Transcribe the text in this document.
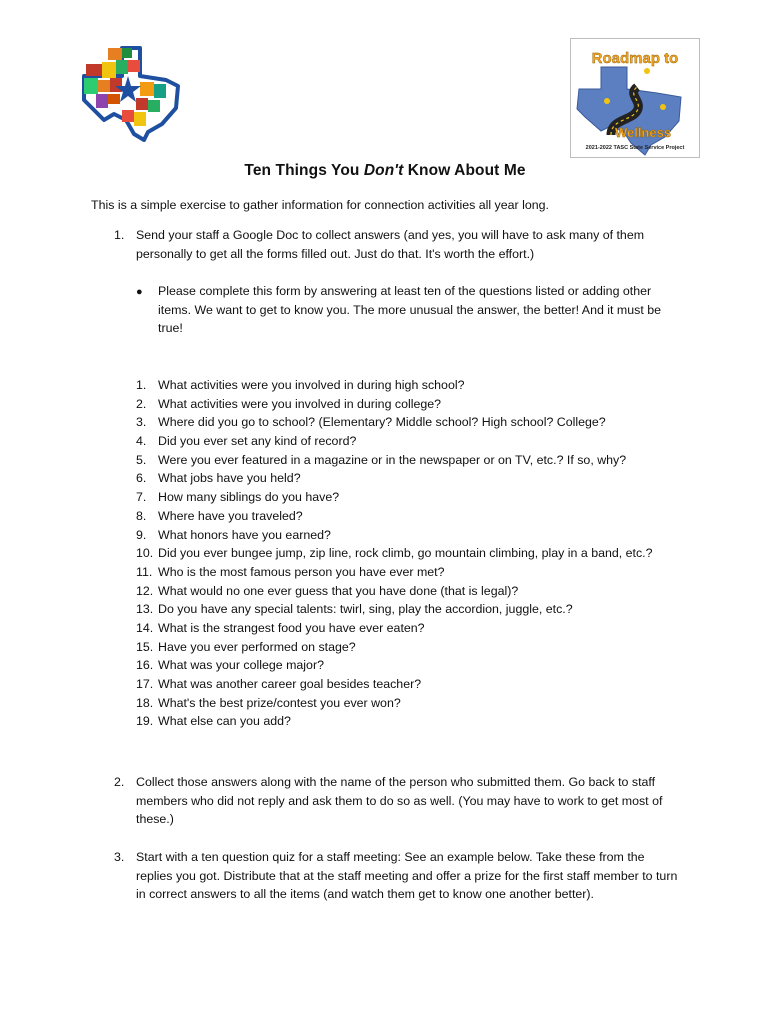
Roadmap to
Wellness
2021-2022 TASC State Service Project
Ten Things You Don't Know About Me
This is a simple exercise to gather information for connection activities all year long.
1. Send your staff a Google Doc to collect answers (and yes, you will have to ask many of them personally to get all the forms filled out. Just do that. It's worth the effort.)
● Please complete this form by answering at least ten of the questions listed or adding other items. We want to get to know you. The more unusual the answer, the better! And it must be true!
1. What activities were you involved in during high school?
2. What activities were you involved in during college?
3. Where did you go to school? (Elementary? Middle school? High school? College?
4. Did you ever set any kind of record?
5. Were you ever featured in a magazine or in the newspaper or on TV, etc.? If so, why?
6. What jobs have you held?
7. How many siblings do you have?
8. Where have you traveled?
9. What honors have you earned?
10. Did you ever bungee jump, zip line, rock climb, go mountain climbing, play in a band, etc.?
11. Who is the most famous person you have ever met?
12. What would no one ever guess that you have done (that is legal)?
13. Do you have any special talents: twirl, sing, play the accordion, juggle, etc.?
14. What is the strangest food you have ever eaten?
15. Have you ever performed on stage?
16. What was your college major?
17. What was another career goal besides teacher?
18. What's the best prize/contest you ever won?
19. What else can you add?
2. Collect those answers along with the name of the person who submitted them. Go back to staff members who did not reply and ask them to do so as well. (You may have to work to get most of these.)
3. Start with a ten question quiz for a staff meeting: See an example below. Take these from the replies you got. Distribute that at the staff meeting and offer a prize for the first staff member to turn in correct answers to all the items (and watch them get to know one another better).
